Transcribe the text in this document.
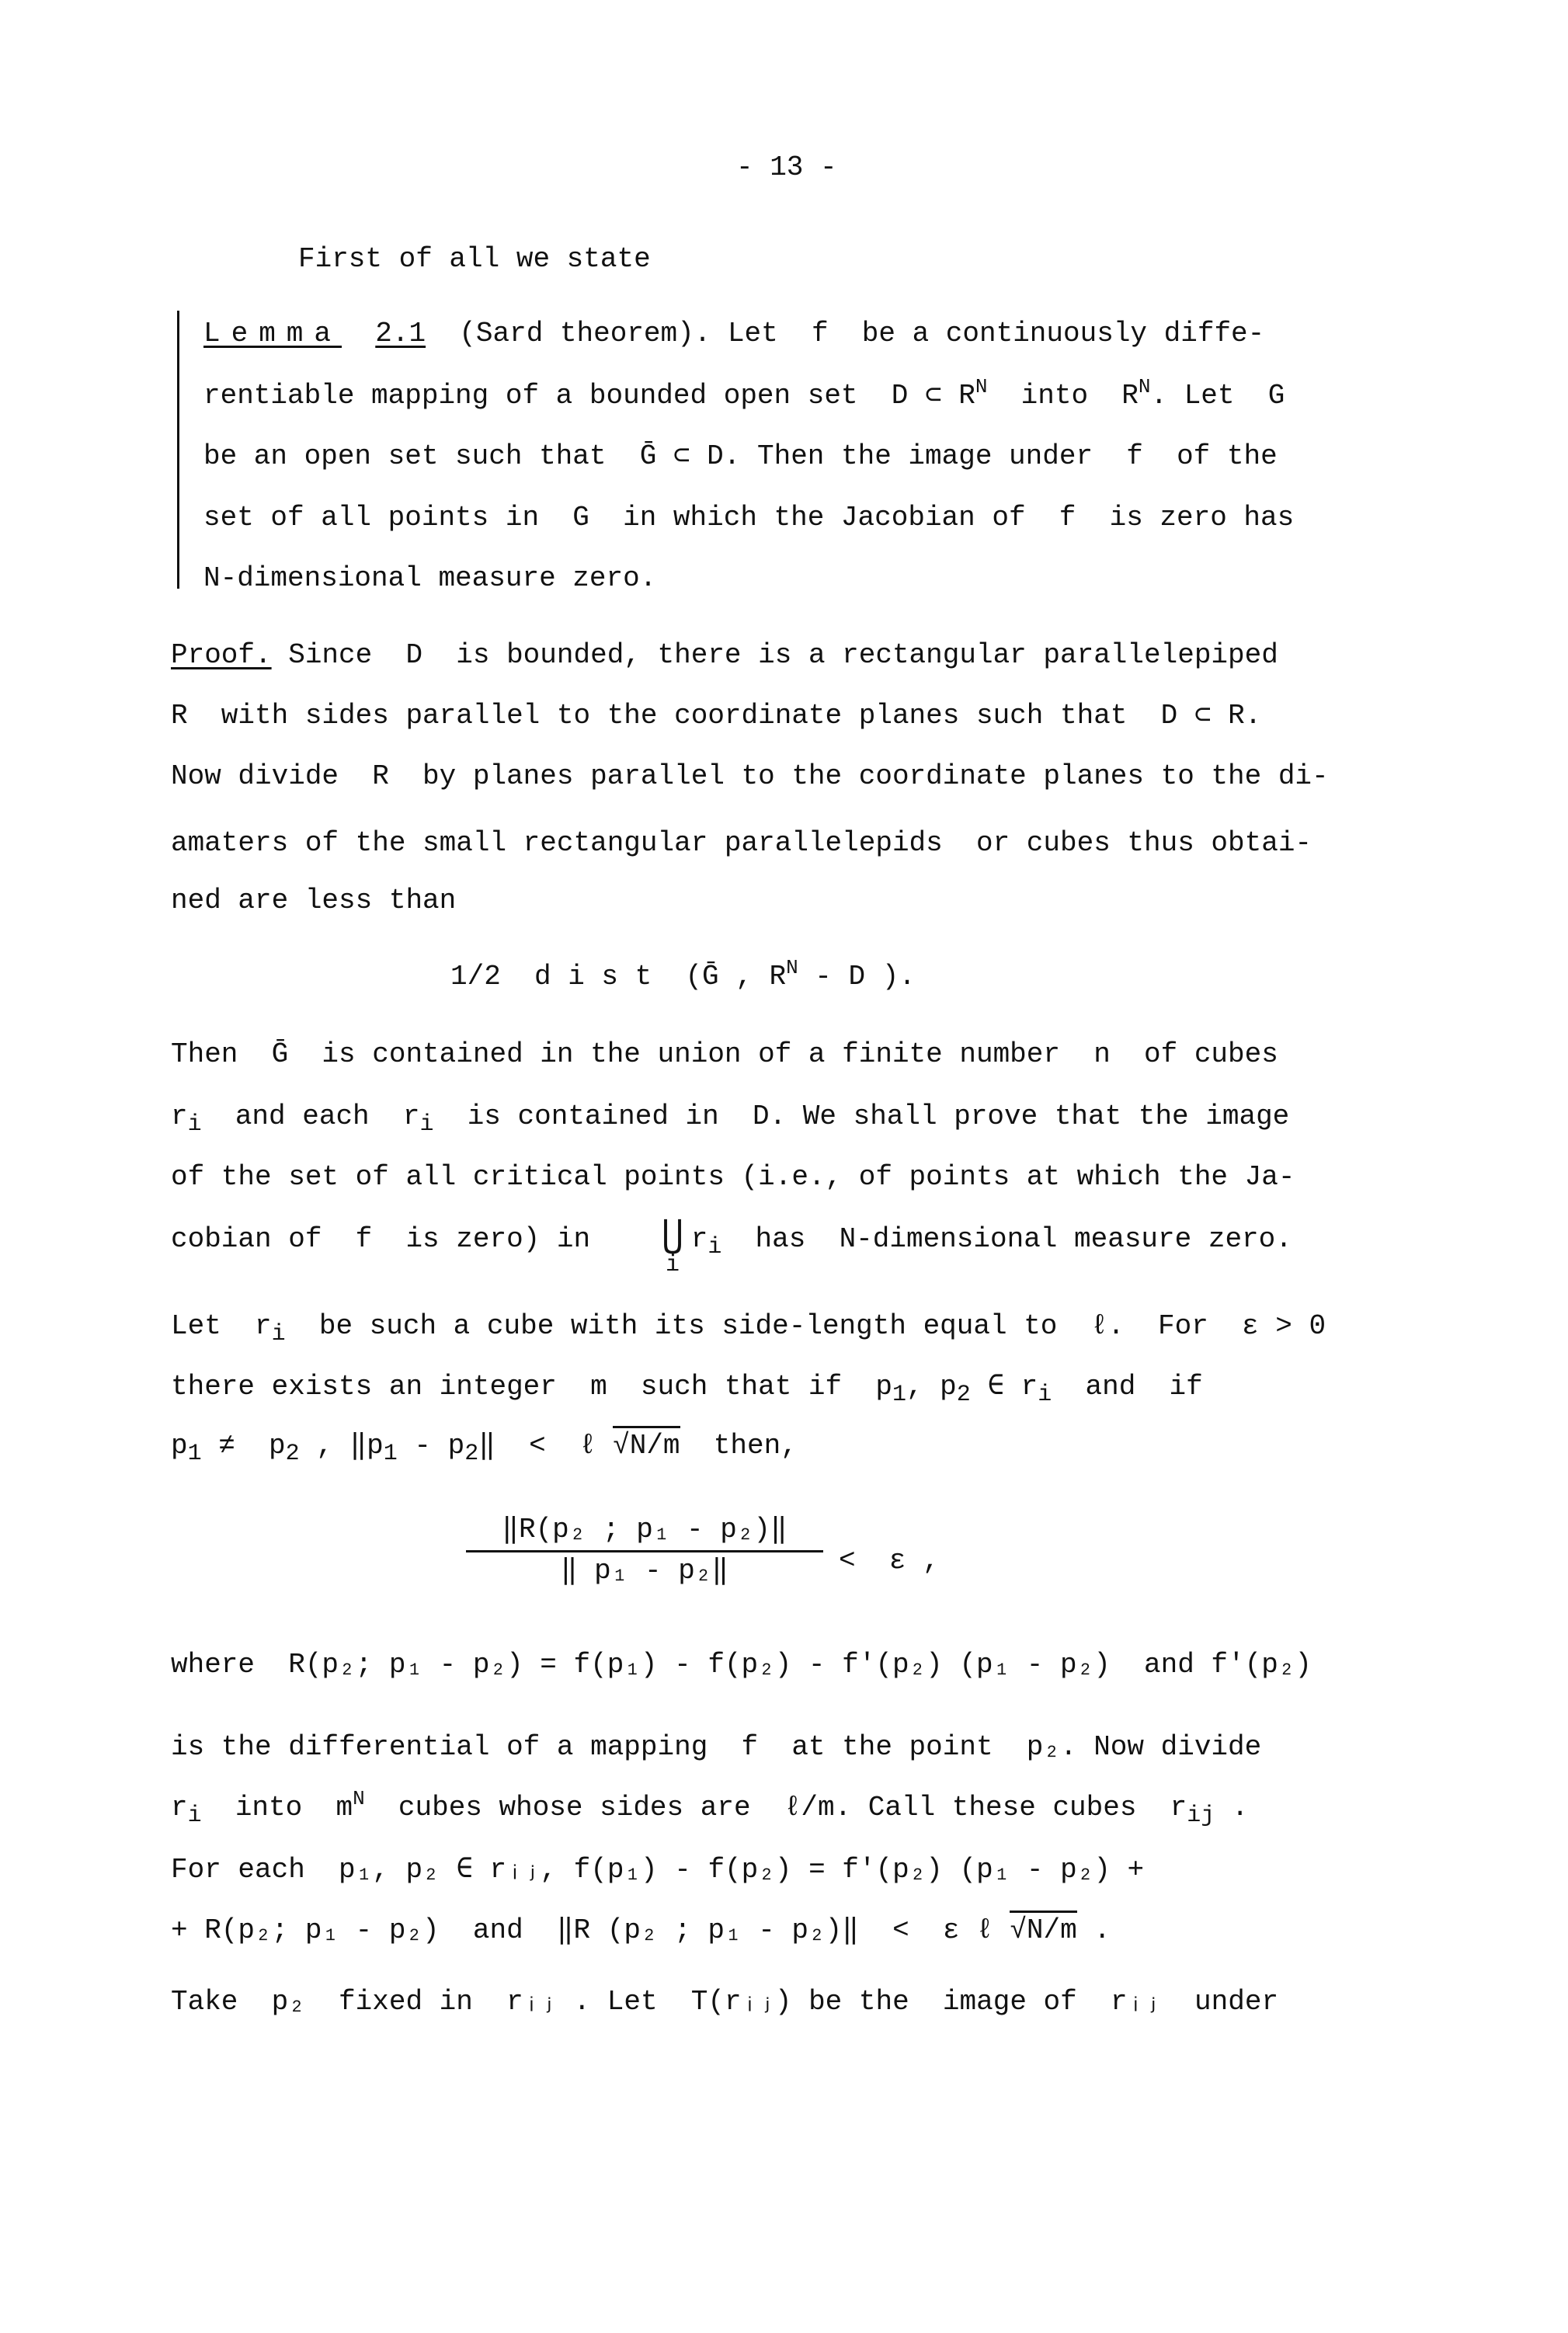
- 13 -
First of all we state
Lemma 2.1 (Sard theorem). Let  f  be a continuously diffe-
rentiable mapping of a bounded open set  D ⊂ $R^N$  into  $R^N$. Let  G
be an open set such that  Ḡ ⊂ D. Then the image under  f  of the
set of all points in  G  in which the Jacobian of  f  is zero has
N-dimensional measure zero.
Proof. Since  D  is bounded, there is a rectangular parallelepiped
R  with sides parallel to the coordinate planes such that  D ⊂ R.
Now divide  R  by planes parallel to the coordinate planes to the di-
amaters of the small rectangular parallelepids  or cubes thus obtai-
ned are less than
1/2  d i s t  (Ḡ , $R^N$ - D ).
Then  Ḡ  is contained in the union of a finite number  n  of cubes
$r_i$  and each  $r_i$  is contained in  D. We shall prove that the image
of the set of all critical points (i.e., of points at which the Ja-
cobian of  f  is zero) in	$r_i$  has  N-dimensional measure zero.
⋃
i
Let  $r_i$  be such a cube with its side-length equal to  ℓ.  For  ε > 0
there exists an integer  m  such that if  $p_1$, $p_2$ ∈ $r_i$  and  if
$p_1 \ne p_2$ , $‖p_1$ - $p_2‖$  <  ℓ √N/m  then,
‖R(p₂ ; p₁ - p₂)‖
‖ p₁ - p₂‖	<  ε ,
where  R(p₂; p₁ - p₂) = f(p₁) - f(p₂) - f′(p₂) (p₁ - p₂)  and f′(p₂)
is the differential of a mapping  f  at the point  p₂. Now divide
$r_i$  into  $m^N$  cubes whose sides are  ℓ/m. Call these cubes  $r_{ij}$ .
For each  p₁, p₂ ∈ rᵢⱼ, f(p₁) - f(p₂) = f′(p₂) (p₁ - p₂) +
+ R(p₂; p₁ - p₂)  and  ‖R (p₂ ; p₁ - p₂)‖  <  ε ℓ √N/m .
Take  p₂  fixed in  rᵢⱼ . Let  T(rᵢⱼ) be the  image of  rᵢⱼ  under
